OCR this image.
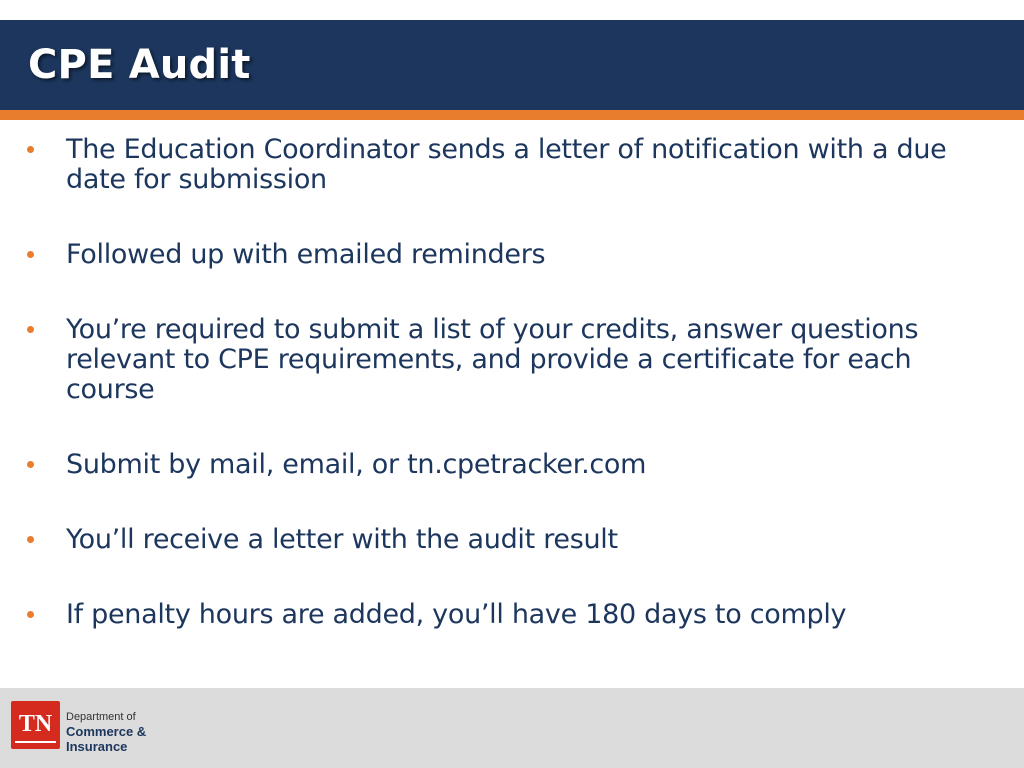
CPE Audit
The Education Coordinator sends a letter of notification with a due date for submission
Followed up with emailed reminders
You’re required to submit a list of your credits, answer questions relevant to CPE requirements, and provide a certificate for each course
Submit by mail, email, or tn.cpetracker.com
You’ll receive a letter with the audit result
If penalty hours are added, you’ll have 180 days to comply
TN	Department of
Commerce &
Insurance
